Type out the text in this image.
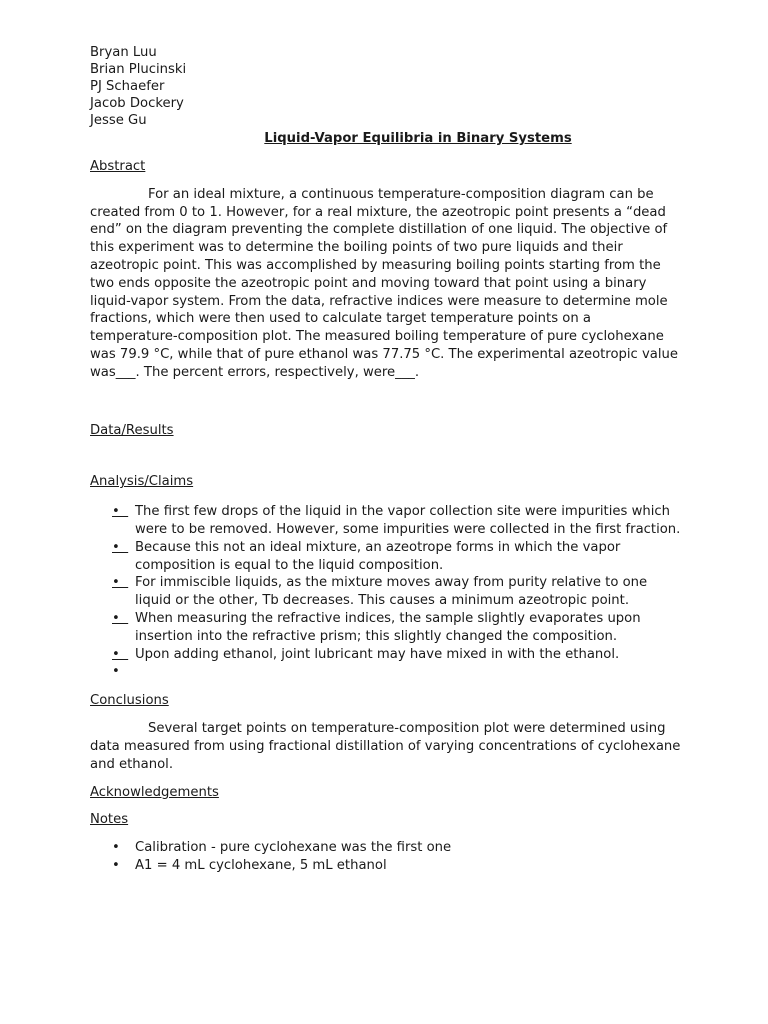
Bryan Luu
Brian Plucinski
PJ Schaefer
Jacob Dockery
Jesse Gu
Liquid-Vapor Equilibria in Binary Systems
Abstract

For an ideal mixture, a continuous temperature-composition diagram can be created from 0 to 1. However, for a real mixture, the azeotropic point presents a “dead end” on the diagram preventing the complete distillation of one liquid. The objective of this experiment was to determine the boiling points of two pure liquids and their azeotropic point. This was accomplished by measuring boiling points starting from the two ends opposite the azeotropic point and moving toward that point using a binary liquid-vapor system. From the data, refractive indices were measure to determine mole fractions, which were then used to calculate target temperature points on a temperature-composition plot. The measured boiling temperature of pure cyclohexane was 79.9 °C, while that of pure ethanol was 77.75 °C. The experimental azeotropic value was___. The percent errors, respectively, were___.

Data/Results
Analysis/Claims
• The first few drops of the liquid in the vapor collection site were impurities which were to be removed. However, some impurities were collected in the first fraction.
• Because this not an ideal mixture, an azeotrope forms in which the vapor composition is equal to the liquid composition.
• For immiscible liquids, as the mixture moves away from purity relative to one liquid or the other, Tb decreases. This causes a minimum azeotropic point.
• When measuring the refractive indices, the sample slightly evaporates upon insertion into the refractive prism; this slightly changed the composition.
• Upon adding ethanol, joint lubricant may have mixed in with the ethanol.
•
Conclusions

Several target points on temperature-composition plot were determined using data measured from using fractional distillation of varying concentrations of cyclohexane and ethanol.

Acknowledgements
Notes
• Calibration - pure cyclohexane was the first one
• A1 = 4 mL cyclohexane, 5 mL ethanol
